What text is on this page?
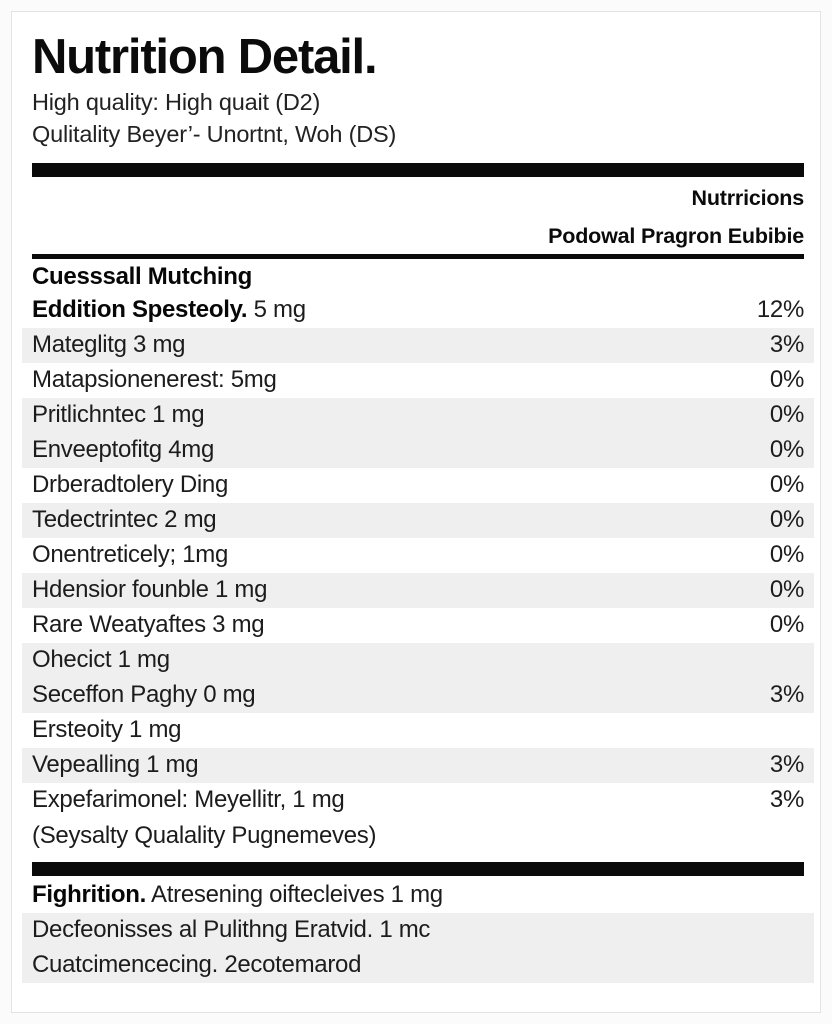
Nutrition Detail.
High quality: High quait (D2)
Qulitality Beyer’- Unortnt, Woh (DS)
Nutrricions
Podowal Pragron Eubibie
Cuesssall Mutching
Eddition Spesteoly. 5 mg	12%
Mateglitg 3 mg	3%
Matapsionenerest: 5mg	0%
Pritlichntec 1 mg	0%
Enveeptofitg 4mg	0%
Drberadtolery Ding	0%
Tedectrintec 2 mg	0%
Onentreticely; 1mg	0%
Hdensior founble 1 mg	0%
Rare Weatyaftes 3 mg	0%
Ohecict 1 mg
Seceffon Paghy 0 mg	3%
Ersteoity 1 mg
Vepealling 1 mg	3%
Expefarimonel: Meyellitr, 1 mg	3%
(Seysalty Qualality Pugnemeves)
Fighrition. Atresening oiftecleives 1 mg
Decfeonisses al Pulithng Eratvid. 1 mc
Cuatcimencecing. 2ecotemarod
